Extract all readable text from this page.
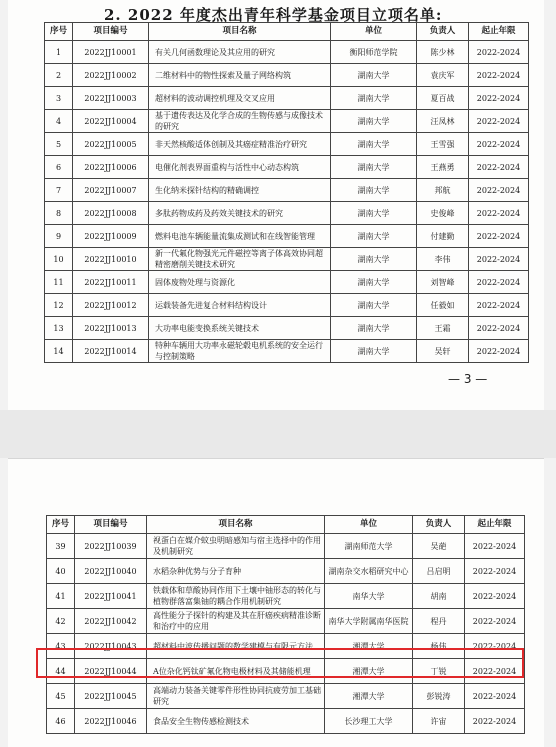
2. 2022 年度杰出青年科学基金项目立项名单:
序号	项目编号	项目名称	单位	负责人	起止年限
1	2022JJ10001	有关几何函数理论及其应用的研究	衡阳师范学院	陈少林	2022-2024
2	2022JJ10002	二维材料中的物性探索及量子网络构筑	湖南大学	袁庆军	2022-2024
3	2022JJ10003	超材料的波动调控机理及交叉应用	湖南大学	夏百战	2022-2024
4	2022JJ10004	基于遗传表达及化学合成的生物传感与成像技术的研究	湖南大学	汪凤林	2022-2024
5	2022JJ10005	非天然核酸适体创制及其癌症精准治疗研究	湖南大学	王雪强	2022-2024
6	2022JJ10006	电催化剂表界面重构与活性中心动态构筑	湖南大学	王燕勇	2022-2024
7	2022JJ10007	生化纳米探针结构的精确调控	湖南大学	邦航	2022-2024
8	2022JJ10008	多肽药物成药及药效关键技术的研究	湖南大学	史俊峰	2022-2024
9	2022JJ10009	燃料电池车辆能量流集成测试和在线智能管理	湖南大学	付建勤	2022-2024
10	2022JJ10010	新一代氟化物强光元件磁控等离子体高效协同超精密磨削关键技术研究	湖南大学	李伟	2022-2024
11	2022JJ10011	固体废物处理与资源化	湖南大学	刘智峰	2022-2024
12	2022JJ10012	运载装备先进复合材料结构设计	湖南大学	任毅如	2022-2024
13	2022JJ10013	大功率电能变换系统关键技术	湖南大学	王霜	2022-2024
14	2022JJ10014	特种车辆用大功率永磁轮毂电机系统的安全运行与控制策略	湖南大学	吴轩	2022-2024
— 3 —
序号	项目编号	项目名称	单位	负责人	起止年限
39	2022JJ10039	视蛋白在媒介蚊虫明暗感知与宿主选择中的作用及机制研究	湖南师范大学	吴葩	2022-2024
40	2022JJ10040	水稻杂种优势与分子育种	湖南杂交水稻研究中心	吕启明	2022-2024
41	2022JJ10041	铁载体和草酸协同作用下土壤中铀形态的转化与植物群落富集铀的耦合作用机制研究	南华大学	胡南	2022-2024
42	2022JJ10042	高性能分子探针的构建及其在肝癌疾病精准诊断和治疗中的应用	南华大学附属南华医院	程丹	2022-2024
43	2022JJ10043	超材料中波传播问题的数学建模与有限元方法	湘潭大学	杨伟	2022-2024
44	2022JJ10044	A位杂化钙钛矿氟化物电极材料及其储能机理	湘潭大学	丁锐	2022-2024
45	2022JJ10045	高端动力装备关键零件形性协同抗疲劳加工基础研究	湘潭大学	彭锐涛	2022-2024
46	2022JJ10046	食品安全生物传感检测技术	长沙理工大学	许宙	2022-2024
